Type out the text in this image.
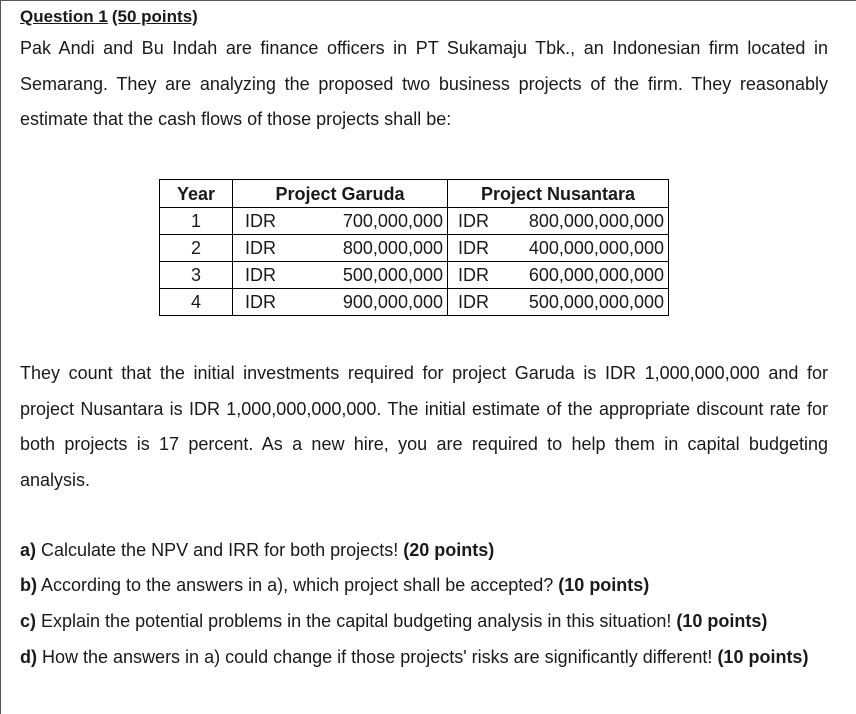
Question 1 (50 points)

Pak Andi and Bu Indah are finance officers in PT Sukamaju Tbk., an Indonesian firm located in Semarang. They are analyzing the proposed two business projects of the firm. They reasonably estimate that the cash flows of those projects shall be:

Year	Project Garuda		Project Nusantara	
1	IDR	700,000,000	IDR	800,000,000,000
2	IDR	800,000,000	IDR	400,000,000,000
3	IDR	500,000,000	IDR	600,000,000,000
4	IDR	900,000,000	IDR	500,000,000,000

They count that the initial investments required for project Garuda is IDR 1,000,000,000 and for project Nusantara is IDR 1,000,000,000,000. The initial estimate of the appropriate discount rate for both projects is 17 percent. As a new hire, you are required to help them in capital budgeting analysis.

a) Calculate the NPV and IRR for both projects! (20 points)

b) According to the answers in a), which project shall be accepted? (10 points)

c) Explain the potential problems in the capital budgeting analysis in this situation! (10 points)

d) How the answers in a) could change if those projects' risks are significantly different! (10 points)
